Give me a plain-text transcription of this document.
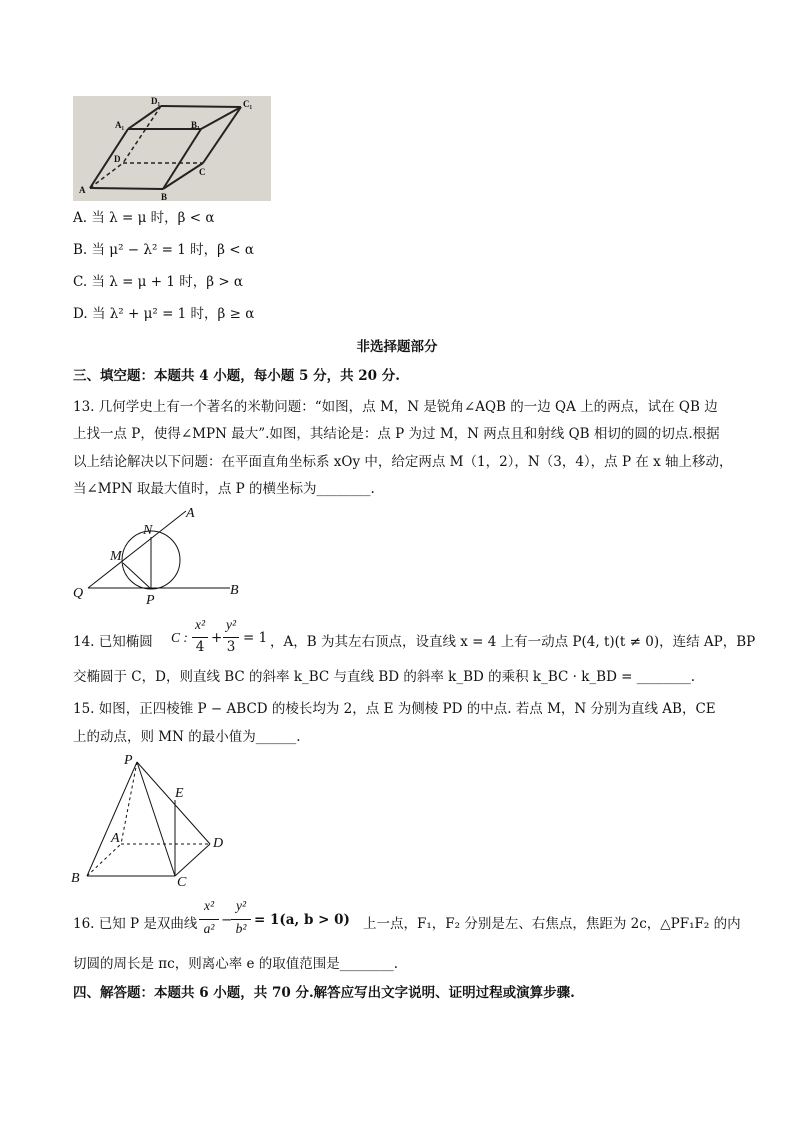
D₁	C₁
A₁	B₁
D
C
A
B
A. 当 λ = μ 时，β < α
B. 当 μ² − λ² = 1 时，β < α
C. 当 λ = μ + 1 时，β > α
D. 当 λ² + μ² = 1 时，β ≥ α
非选择题部分
三、填空题：本题共 4 小题，每小题 5 分，共 20 分.
13. 几何学史上有一个著名的米勒问题：“如图，点 M，N 是锐角∠AQB 的一边 QA 上的两点，试在 QB 边
上找一点 P，使得∠MPN 最大”.如图，其结论是：点 P 为过 M，N 两点且和射线 QB 相切的圆的切点.根据
以上结论解决以下问题：在平面直角坐标系 xOy 中，给定两点 M（1，2），N（3，4），点 P 在 x 轴上移动，
当∠MPN 取最大值时，点 P 的横坐标为________.
N
A
M
Q	P
B
14. 已知椭圆 C :
x²
4
+
y²
3
= 1 ，A，B 为其左右顶点，设直线 x = 4 上有一动点 P(4, t)(t ≠ 0)，连结 AP，BP
交椭圆于 C，D，则直线 BC 的斜率 k_BC 与直线 BD 的斜率 k_BD 的乘积 k_BC · k_BD = ________.
15. 如图，正四棱锥 P − ABCD 的棱长均为 2，点 E 为侧棱 PD 的中点. 若点 M，N 分别为直线 AB，CE
上的动点，则 MN 的最小值为______.
P
E
A	D
B	C
16. 已知 P 是双曲线
x²
a²
−
y²
b²
= 1(a, b > 0) 上一点，F₁，F₂ 分别是左、右焦点，焦距为 2c，△PF₁F₂ 的内
切圆的周长是 πc，则离心率 e 的取值范围是________.
四、解答题：本题共 6 小题，共 70 分.解答应写出文字说明、证明过程或演算步骤.
